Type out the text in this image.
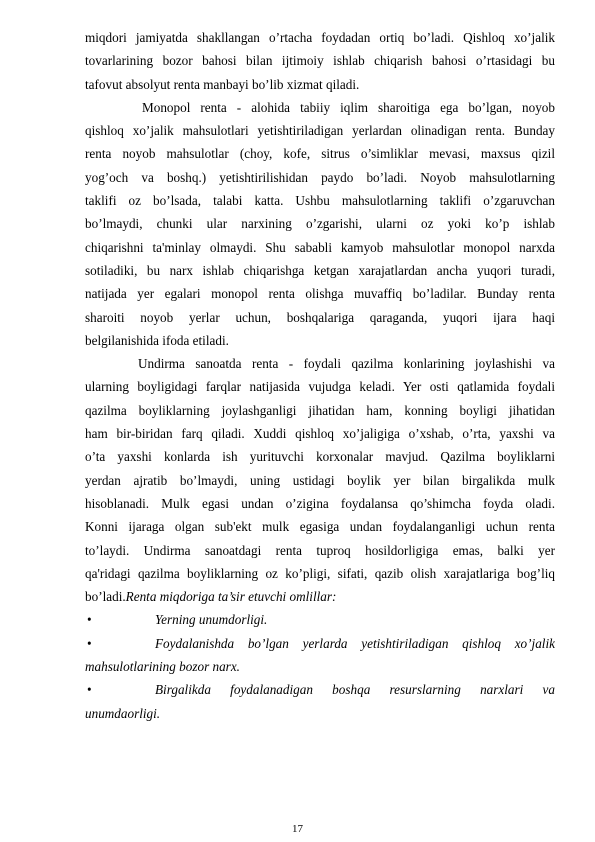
miqdori jamiyatda shakllangan o’rtacha foydadan ortiq bo’ladi. Qishloq xo’jalik
tovarlarining bozor bahosi bilan ijtimoiy ishlab chiqarish bahosi o’rtasidagi bu
tafovut absolyut renta manbayi bo’lib xizmat qiladi.
Monopol renta - alohida tabiiy iqlim sharoitiga ega bo’lgan, noyob
qishloq xo’jalik mahsulotlari yetishtiriladigan yerlardan olinadigan renta. Bunday
renta noyob mahsulotlar (choy, kofe, sitrus o’simliklar mevasi, maxsus qizil
yog’och va boshq.) yetishtirilishidan paydo bo’ladi. Noyob mahsulotlarning
taklifi oz bo’lsada, talabi katta. Ushbu mahsulotlarning taklifi o’zgaruvchan
bo’lmaydi, chunki ular narxining o’zgarishi, ularni oz yoki ko’p ishlab
chiqarishni ta'minlay olmaydi. Shu sababli kamyob mahsulotlar monopol narxda
sotiladiki, bu narx ishlab chiqarishga ketgan xarajatlardan ancha yuqori turadi,
natijada yer egalari monopol renta olishga muvaffiq bo’ladilar. Bunday renta
sharoiti noyob yerlar uchun, boshqalariga qaraganda, yuqori ijara haqi
belgilanishida ifoda etiladi.
Undirma sanoatda renta - foydali qazilma konlarining joylashishi va
ularning boyligidagi farqlar natijasida vujudga keladi. Yer osti qatlamida foydali
qazilma boyliklarning joylashganligi jihatidan ham, konning boyligi jihatidan
ham bir-biridan farq qiladi. Xuddi qishloq xo’jaligiga o’xshab, o’rta, yaxshi va
o’ta yaxshi konlarda ish yurituvchi korxonalar mavjud. Qazilma boyliklarni
yerdan ajratib bo’lmaydi, uning ustidagi boylik yer bilan birgalikda mulk
hisoblanadi. Mulk egasi undan o’zigina foydalansa qo’shimcha foyda oladi.
Konni ijaraga olgan sub'ekt mulk egasiga undan foydalanganligi uchun renta
to’laydi. Undirma sanoatdagi renta tuproq hosildorligiga emas, balki yer
qa'ridagi qazilma boyliklarning oz ko’pligi, sifati, qazib olish xarajatlariga bog’liq
bo’ladi.Renta miqdoriga ta’sir etuvchi omlillar:
•	Yerning unumdorligi.
•	Foydalanishda bo’lgan yerlarda yetishtiriladigan qishloq xo’jalik
mahsulotlarining bozor narx.
•	Birgalikda foydalanadigan boshqa resurslarning narxlari va
unumdaorligi.
17
